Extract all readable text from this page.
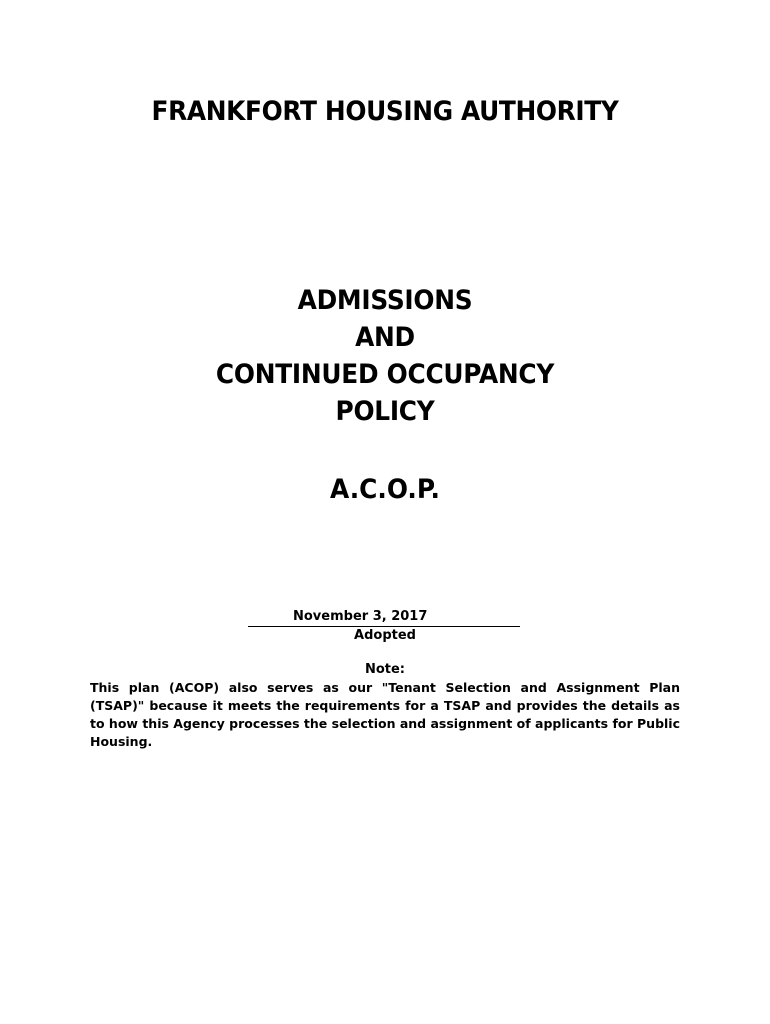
FRANKFORT HOUSING AUTHORITY
ADMISSIONS
AND
CONTINUED OCCUPANCY
POLICY
A.C.O.P.
November 3, 2017
Adopted
Note:
This plan (ACOP) also serves as our "Tenant Selection and Assignment Plan (TSAP)" because it meets the requirements for a TSAP and provides the details as to how this Agency processes the selection and assignment of applicants for Public Housing.
